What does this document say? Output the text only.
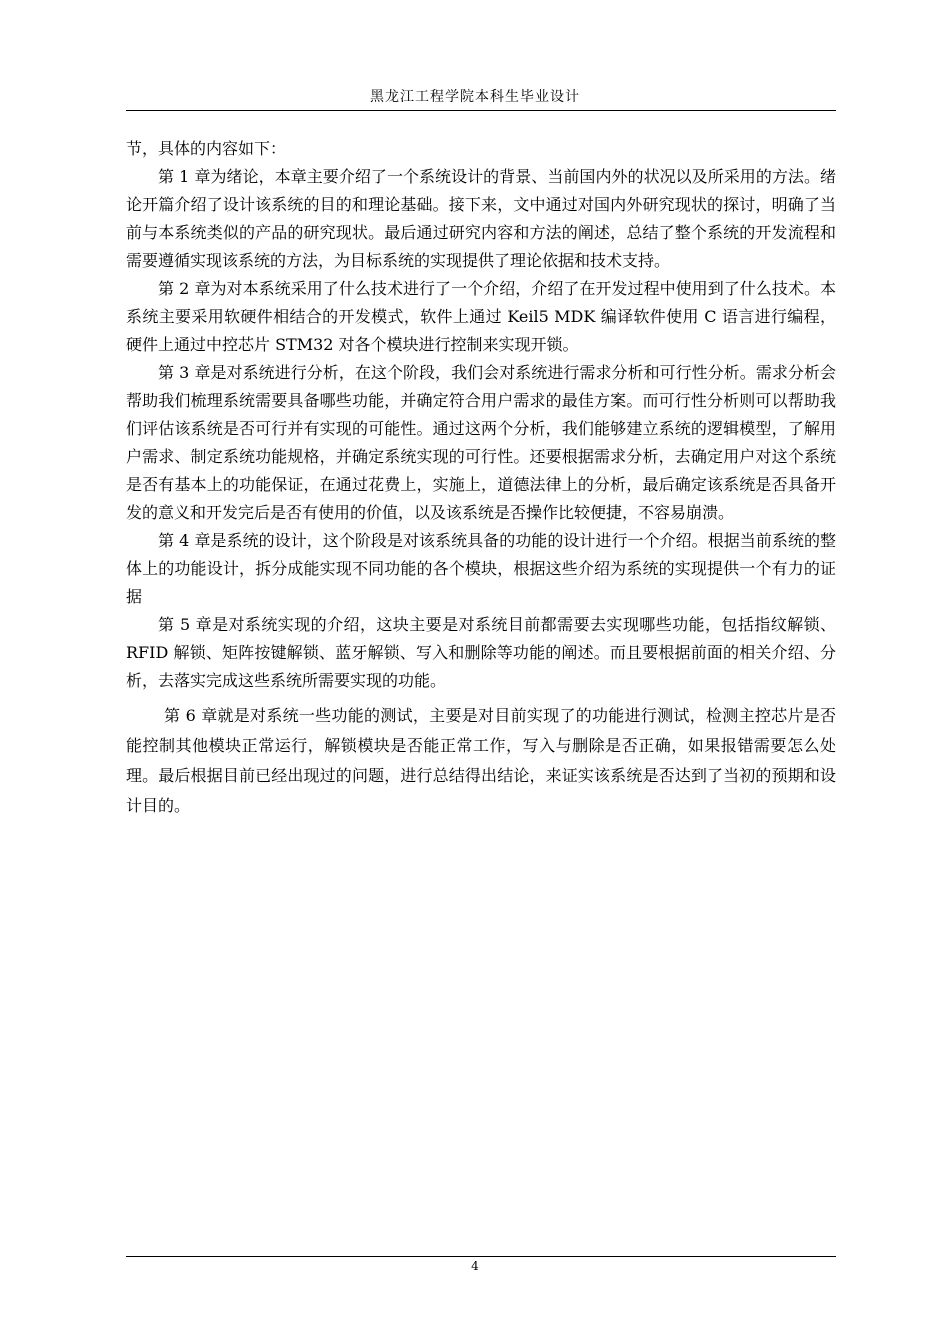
黑龙江工程学院本科生毕业设计

节，具体的内容如下：

第 1 章为绪论，本章主要介绍了一个系统设计的背景、当前国内外的状况以及所采用的方法。绪论开篇介绍了设计该系统的目的和理论基础。接下来，文中通过对国内外研究现状的探讨，明确了当前与本系统类似的产品的研究现状。最后通过研究内容和方法的阐述，总结了整个系统的开发流程和需要遵循实现该系统的方法，为目标系统的实现提供了理论依据和技术支持。

第 2 章为对本系统采用了什么技术进行了一个介绍，介绍了在开发过程中使用到了什么技术。本系统主要采用软硬件相结合的开发模式，软件上通过 Keil5 MDK 编译软件使用 C 语言进行编程，硬件上通过中控芯片 STM32 对各个模块进行控制来实现开锁。

第 3 章是对系统进行分析，在这个阶段，我们会对系统进行需求分析和可行性分析。需求分析会帮助我们梳理系统需要具备哪些功能，并确定符合用户需求的最佳方案。而可行性分析则可以帮助我们评估该系统是否可行并有实现的可能性。通过这两个分析，我们能够建立系统的逻辑模型，了解用户需求、制定系统功能规格，并确定系统实现的可行性。还要根据需求分析，去确定用户对这个系统是否有基本上的功能保证，在通过花费上，实施上，道德法律上的分析，最后确定该系统是否具备开发的意义和开发完后是否有使用的价值，以及该系统是否操作比较便捷，不容易崩溃。

第 4 章是系统的设计，这个阶段是对该系统具备的功能的设计进行一个介绍。根据当前系统的整体上的功能设计，拆分成能实现不同功能的各个模块，根据这些介绍为系统的实现提供一个有力的证据

第 5 章是对系统实现的介绍，这块主要是对系统目前都需要去实现哪些功能，包括指纹解锁、RFID 解锁、矩阵按键解锁、蓝牙解锁、写入和删除等功能的阐述。而且要根据前面的相关介绍、分析，去落实完成这些系统所需要实现的功能。

第 6 章就是对系统一些功能的测试，主要是对目前实现了的功能进行测试，检测主控芯片是否能控制其他模块正常运行，解锁模块是否能正常工作，写入与删除是否正确，如果报错需要怎么处理。最后根据目前已经出现过的问题，进行总结得出结论，来证实该系统是否达到了当初的预期和设计目的。

4
